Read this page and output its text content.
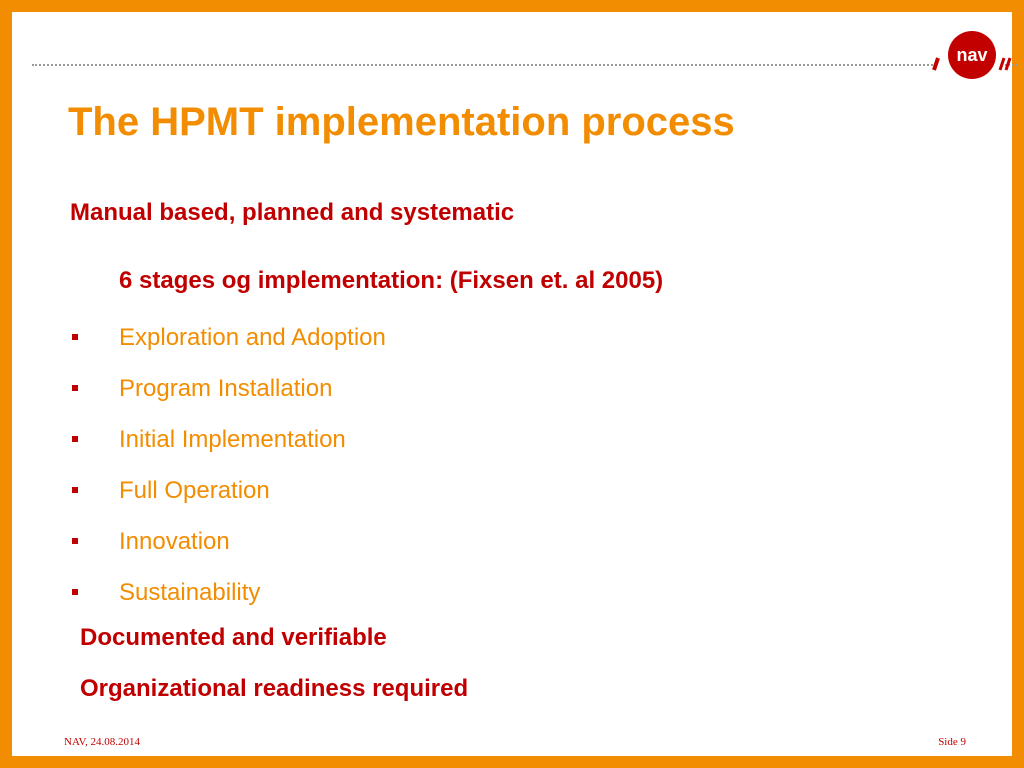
nav
The HPMT implementation process
Manual based, planned and systematic
6 stages og implementation: (Fixsen et. al 2005)
Exploration and Adoption
Program Installation
Initial Implementation
Full Operation
Innovation
Sustainability
Documented and verifiable
Organizational readiness required
NAV, 24.08.2014	Side 9
